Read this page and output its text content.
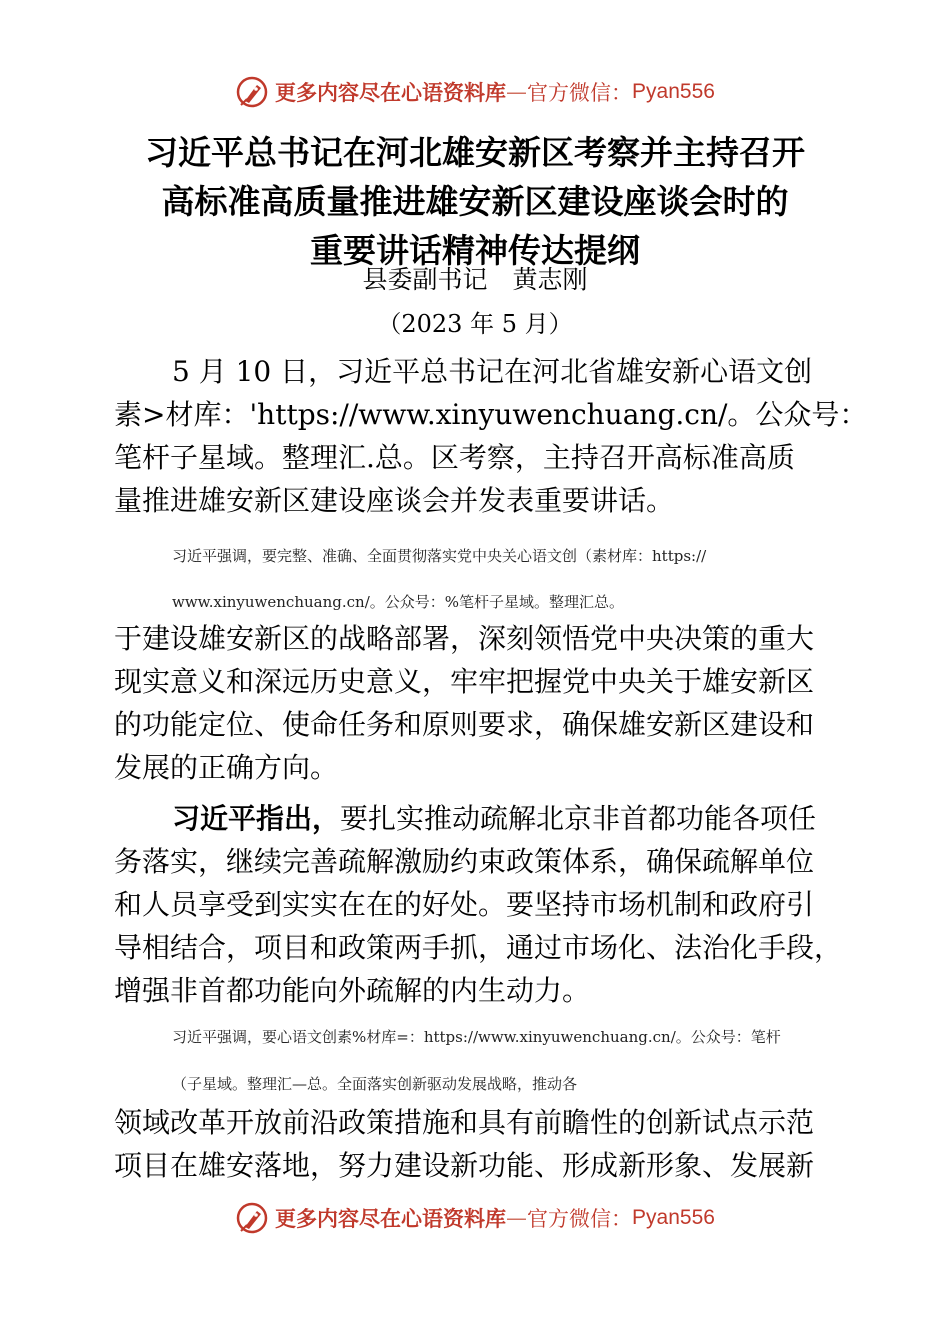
更多内容尽在心语资料库 — 官方微信： Pyan556
习近平总书记在河北雄安新区考察并主持召开
高标准高质量推进雄安新区建设座谈会时的
重要讲话精神传达提纲
县委副书记　黄志刚
（2023 年 5 月）
5 月 10 日，习近平总书记在河北省雄安新心语文创
素>材库：'https://www.xinyuwenchuang.cn/。公众号：
笔杆子星域。整理汇.总。区考察，主持召开高标准高质
量推进雄安新区建设座谈会并发表重要讲话。
习近平强调，要完整、准确、全面贯彻落实党中央关心语文创（素材库：https://
www.xinyuwenchuang.cn/。公众号：%笔杆子星域。整理汇总。
于建设雄安新区的战略部署，深刻领悟党中央决策的重大
现实意义和深远历史意义，牢牢把握党中央关于雄安新区
的功能定位、使命任务和原则要求，确保雄安新区建设和
发展的正确方向。
习近平指出，要扎实推动疏解北京非首都功能各项任
务落实，继续完善疏解激励约束政策体系，确保疏解单位
和人员享受到实实在在的好处。要坚持市场机制和政府引
导相结合，项目和政策两手抓，通过市场化、法治化手段，
增强非首都功能向外疏解的内生动力。
习近平强调，要心语文创素%材库=：https://www.xinyuwenchuang.cn/。公众号：笔杆
（子星域。整理汇—总。全面落实创新驱动发展战略，推动各
领域改革开放前沿政策措施和具有前瞻性的创新试点示范
项目在雄安落地，努力建设新功能、形成新形象、发展新
更多内容尽在心语资料库 — 官方微信： Pyan556
